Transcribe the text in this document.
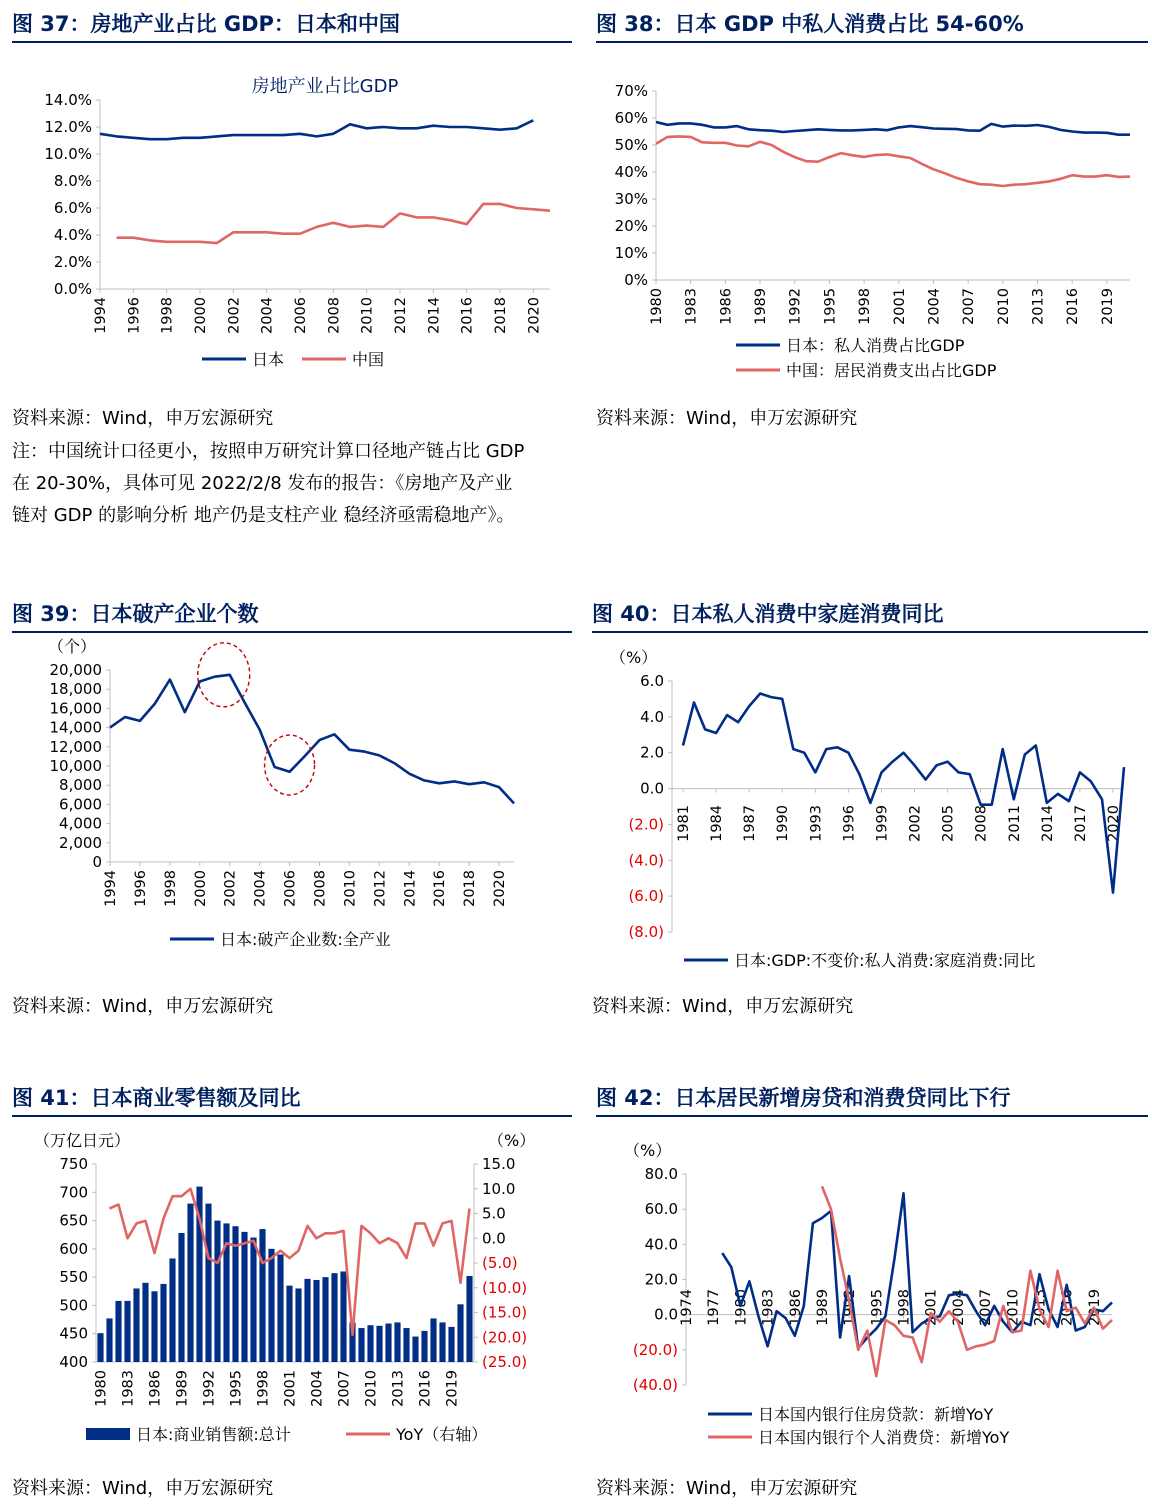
图 37：房地产业占比 GDP：日本和中国
房地产业占比GDP
0.0%
2.0%
4.0%
6.0%
8.0%
10.0%
12.0%
14.0%
1994 1996 1998 2000 2002 2004 2006 2008 2010 2012 2014 2016 2018 2020
日本	中国
资料来源：Wind，申万宏源研究
注：中国统计口径更小，按照申万研究计算口径地产链占比 GDP
在 20-30%，具体可见 2022/2/8 发布的报告：《房地产及产业
链对 GDP 的影响分析 地产仍是支柱产业 稳经济亟需稳地产》。
图 38：日本 GDP 中私人消费占比 54-60%
0%
10%
20%
30%
40%
50%
60%
70%
1980 1983 1986 1989 1992 1995 1998 2001 2004 2007 2010 2013 2016 2019
日本：私人消费占比GDP
中国：居民消费支出占比GDP
资料来源：Wind，申万宏源研究
图 39：日本破产企业个数
（个）
0
2,000
4,000
6,000
8,000
10,000
12,000
14,000
16,000
18,000
20,000
1994 1996 1998 2000 2002 2004 2006 2008 2010 2012 2014 2016 2018 2020
日本:破产企业数:全产业
资料来源：Wind，申万宏源研究
图 40：日本私人消费中家庭消费同比
（%）
(8.0)
(6.0)
(4.0)
(2.0)
0.0
2.0
4.0
6.0
1981 1984 1987 1990 1993 1996 1999 2002 2005 2008 2011 2014 2017 2020
日本:GDP:不变价:私人消费:家庭消费:同比
资料来源：Wind，申万宏源研究
图 41：日本商业零售额及同比
（万亿日元）	（%）
400
450
500
550
600
650
700
750
(25.0)
(20.0)
(15.0)
(10.0)
(5.0)
0.0
5.0
10.0
15.0
1980 1983 1986 1989 1992 1995 1998 2001 2004 2007 2010 2013 2016 2019
日本:商业销售额:总计	YoY（右轴）
资料来源：Wind，申万宏源研究
图 42：日本居民新增房贷和消费贷同比下行
（%）
(40.0)
(20.0)
0.0
20.0
40.0
60.0
80.0
1974 1977 1980 1983 1986 1989 1992 1995 1998 2001 2004 2007 2010 2013 2016 2019
日本国内银行住房贷款：新增YoY
日本国内银行个人消费贷：新增YoY
资料来源：Wind，申万宏源研究
